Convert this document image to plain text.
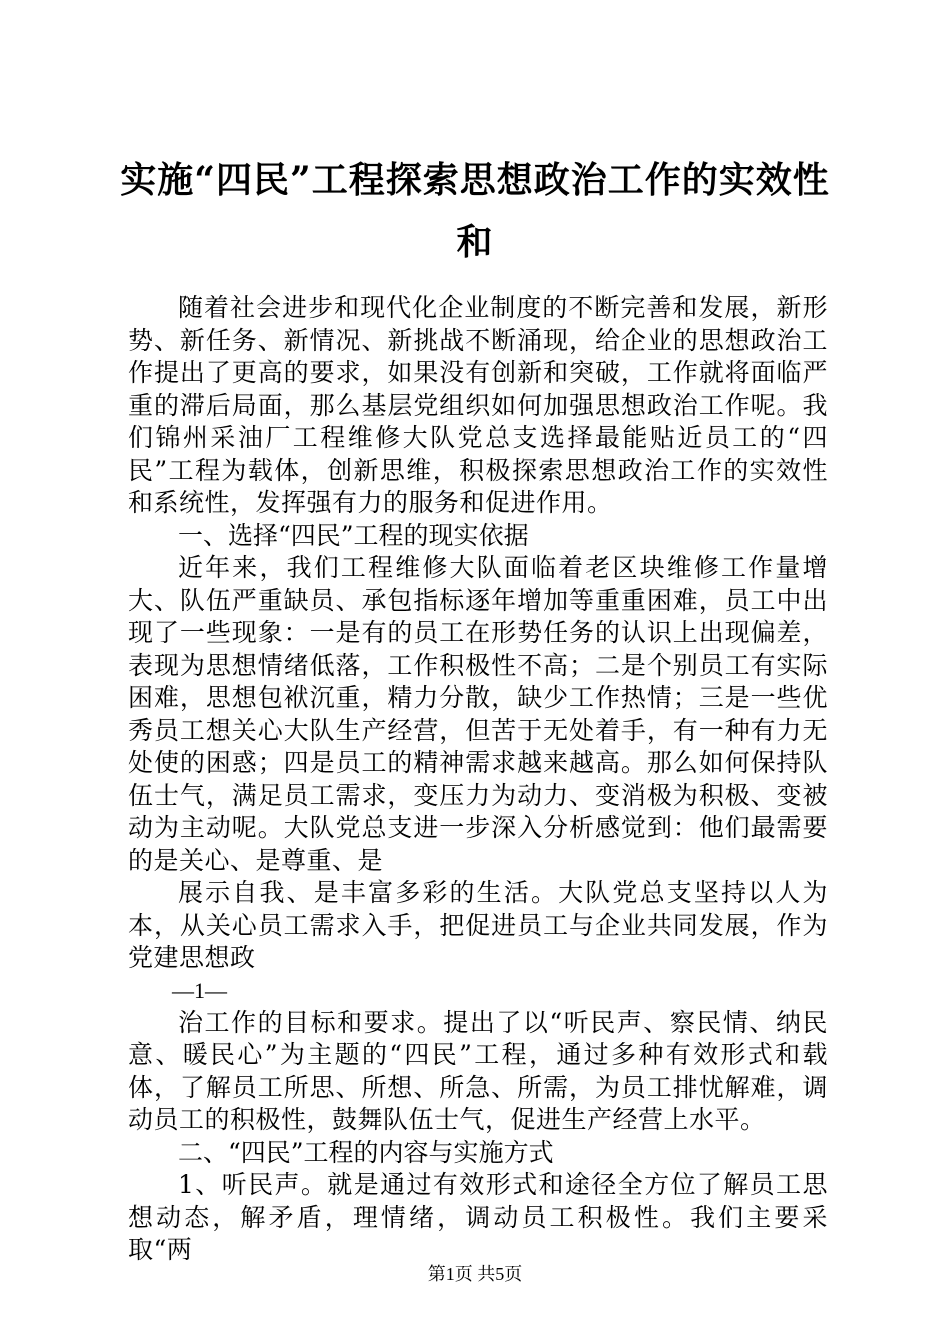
实施“四民”工程探索思想政治工作的实效性
和

随着社会进步和现代化企业制度的不断完善和发展，新形势、新任务、新情况、新挑战不断涌现，给企业的思想政治工作提出了更高的要求，如果没有创新和突破，工作就将面临严重的滞后局面，那么基层党组织如何加强思想政治工作呢。我们锦州采油厂工程维修大队党总支选择最能贴近员工的“四民”工程为载体，创新思维，积极探索思想政治工作的实效性和系统性，发挥强有力的服务和促进作用。

一、选择“四民”工程的现实依据

近年来，我们工程维修大队面临着老区块维修工作量增大、队伍严重缺员、承包指标逐年增加等重重困难，员工中出现了一些现象：一是有的员工在形势任务的认识上出现偏差，表现为思想情绪低落，工作积极性不高；二是个别员工有实际困难，思想包袱沉重，精力分散，缺少工作热情；三是一些优秀员工想关心大队生产经营，但苦于无处着手，有一种有力无处使的困惑；四是员工的精神需求越来越高。那么如何保持队伍士气，满足员工需求，变压力为动力、变消极为积极、变被动为主动呢。大队党总支进一步深入分析感觉到：他们最需要的是关心、是尊重、是

展示自我、是丰富多彩的生活。大队党总支坚持以人为本，从关心员工需求入手，把促进员工与企业共同发展，作为党建思想政

—1—

治工作的目标和要求。提出了以“听民声、察民情、纳民意、暖民心”为主题的“四民”工程，通过多种有效形式和载体，了解员工所思、所想、所急、所需，为员工排忧解难，调动员工的积极性，鼓舞队伍士气，促进生产经营上水平。

二、“四民”工程的内容与实施方式

1、听民声。就是通过有效形式和途径全方位了解员工思想动态，解矛盾，理情绪，调动员工积极性。我们主要采取“两

第1页 共5页
